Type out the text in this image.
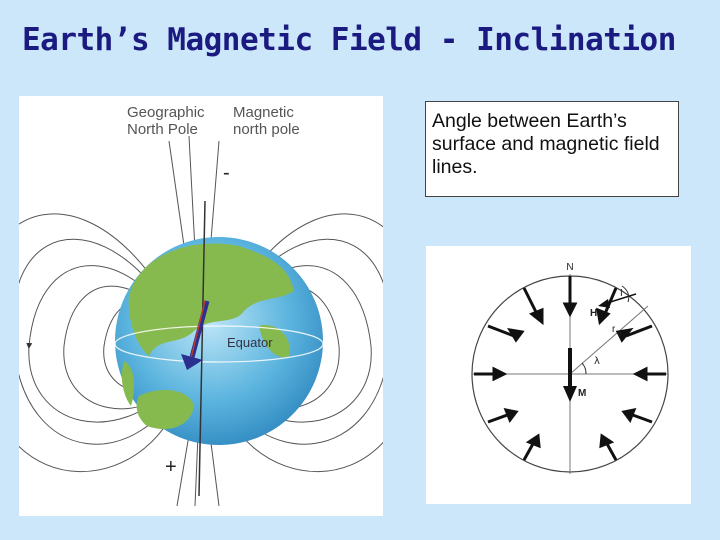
Earth’s Magnetic Field - Inclination
Geographic
North Pole
Magnetic
north pole
Equator
-
+
Angle between Earth’s surface and magnetic field lines.
N
I
H
r e
λ
M
